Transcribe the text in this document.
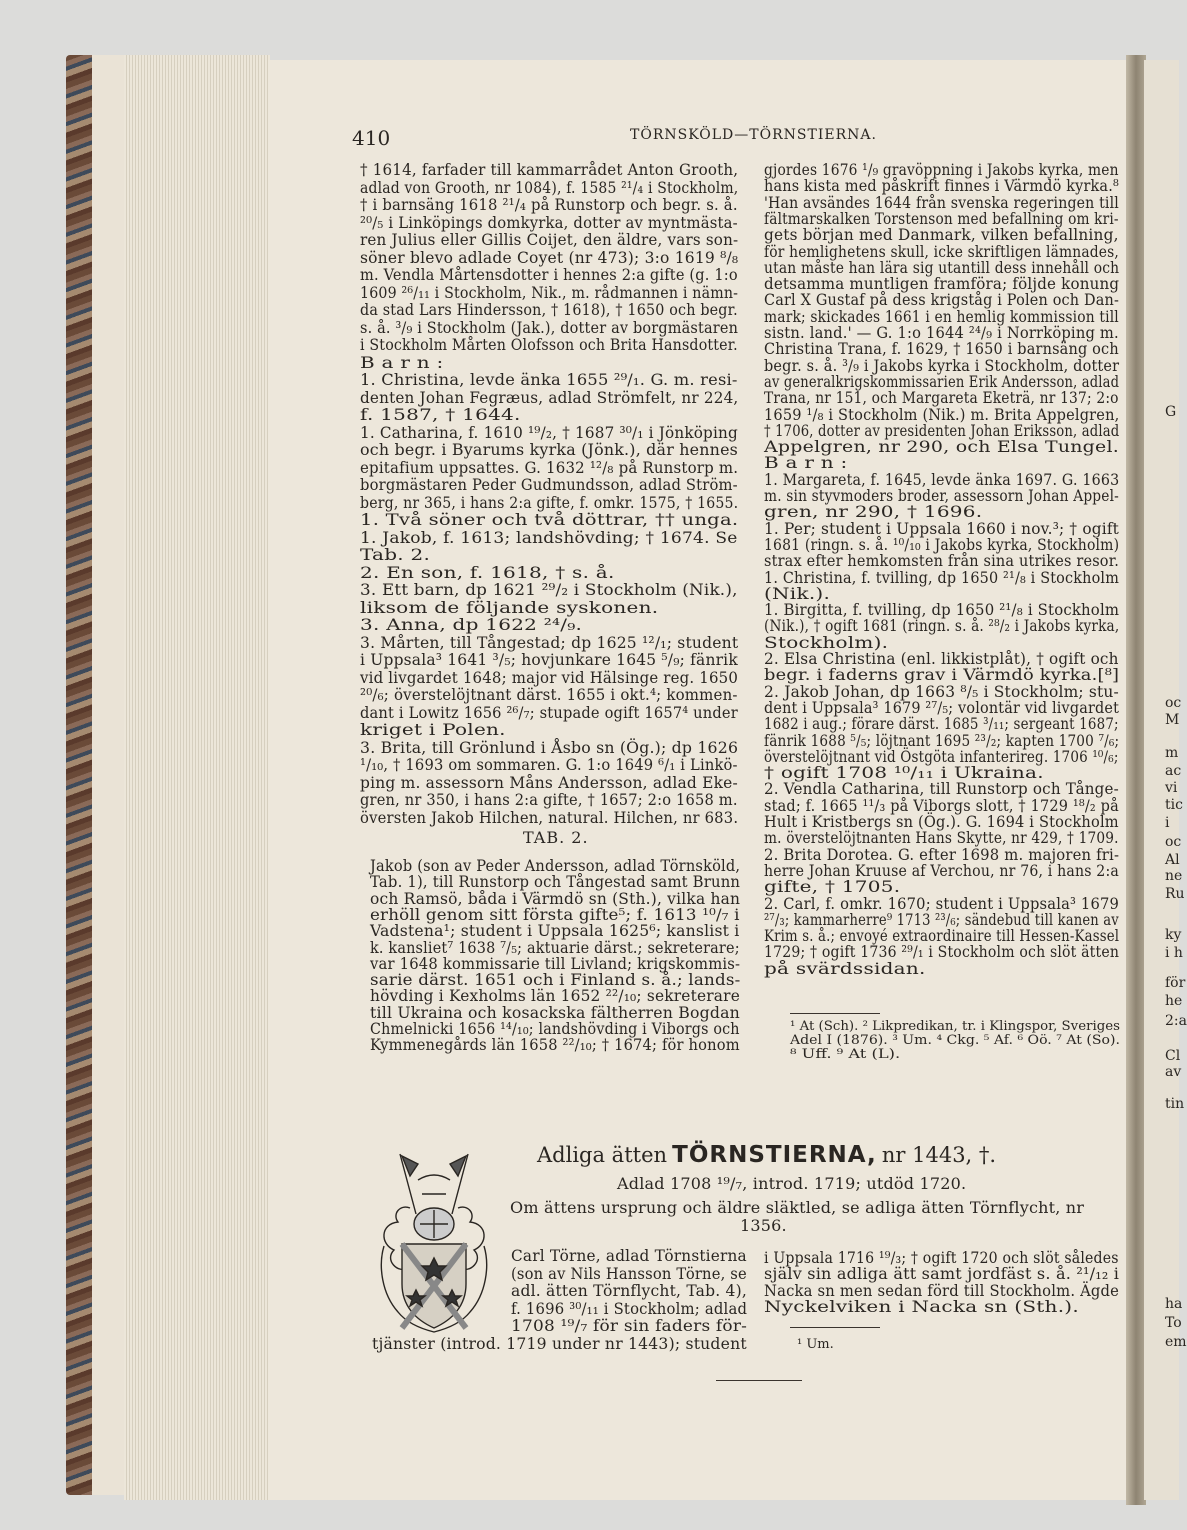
410	TÖRNSKÖLD—TÖRNSTIERNA.
† 1614, farfader till kammarrådet Anton Grooth,
adlad von Grooth, nr 1084), f. 1585 ²¹/₄ i Stockholm,
† i barnsäng 1618 ²¹/₄ på Runstorp och begr. s. å.
²⁰/₅ i Linköpings domkyrka, dotter av myntmästa-
ren Julius eller Gillis Coijet, den äldre, vars son-
söner blevo adlade Coyet (nr 473); 3:o 1619 ⁸/₈
m. Vendla Mårtensdotter i hennes 2:a gifte (g. 1:o
1609 ²⁶/₁₁ i Stockholm, Nik., m. rådmannen i nämn-
da stad Lars Hindersson, † 1618), † 1650 och begr.
s. å. ³/₉ i Stockholm (Jak.), dotter av borgmästaren
i Stockholm Mårten Olofsson och Brita Hansdotter.
B a r n :
1. Christina, levde änka 1655 ²⁹/₁. G. m. resi-
denten Johan Fegræus, adlad Strömfelt, nr 224,
f. 1587, † 1644.
1. Catharina, f. 1610 ¹⁹/₂, † 1687 ³⁰/₁ i Jönköping
och begr. i Byarums kyrka (Jönk.), där hennes
epitafium uppsattes. G. 1632 ¹²/₈ på Runstorp m.
borgmästaren Peder Gudmundsson, adlad Ström-
berg, nr 365, i hans 2:a gifte, f. omkr. 1575, † 1655.
1. Två söner och två döttrar, †† unga.
1. Jakob, f. 1613; landshövding; † 1674. Se
Tab. 2.
2. En son, f. 1618, † s. å.
3. Ett barn, dp 1621 ²⁹/₂ i Stockholm (Nik.),
liksom de följande syskonen.
3. Anna, dp 1622 ²⁴/₉.
3. Mårten, till Tångestad; dp 1625 ¹²/₁; student
i Uppsala³ 1641 ³/₅; hovjunkare 1645 ⁵/₉; fänrik
vid livgardet 1648; major vid Hälsinge reg. 1650
²⁰/₆; överstelöjtnant därst. 1655 i okt.⁴; kommen-
dant i Lowitz 1656 ²⁶/₇; stupade ogift 1657⁴ under
kriget i Polen.
3. Brita, till Grönlund i Åsbo sn (Ög.); dp 1626
¹/₁₀, † 1693 om sommaren. G. 1:o 1649 ⁶/₁ i Linkö-
ping m. assessorn Måns Andersson, adlad Eke-
gren, nr 350, i hans 2:a gifte, † 1657; 2:o 1658 m.
översten Jakob Hilchen, natural. Hilchen, nr 683.
gjordes 1676 ¹/₉ gravöppning i Jakobs kyrka, men
hans kista med påskrift finnes i Värmdö kyrka.⁸
'Han avsändes 1644 från svenska regeringen till
fältmarskalken Torstenson med befallning om kri-
gets början med Danmark, vilken befallning,
för hemlighetens skull, icke skriftligen lämnades,
utan måste han lära sig utantill dess innehåll och
detsamma muntligen framföra; följde konung
Carl X Gustaf på dess krigståg i Polen och Dan-
mark; skickades 1661 i en hemlig kommission till
sistn. land.' — G. 1:o 1644 ²⁴/₉ i Norrköping m.
Christina Trana, f. 1629, † 1650 i barnsäng och
begr. s. å. ³/₉ i Jakobs kyrka i Stockholm, dotter
av generalkrigskommissarien Erik Andersson, adlad
Trana, nr 151, och Margareta Eketrä, nr 137; 2:o
1659 ¹/₈ i Stockholm (Nik.) m. Brita Appelgren,
† 1706, dotter av presidenten Johan Eriksson, adlad
Appelgren, nr 290, och Elsa Tungel.
B a r n :
1. Margareta, f. 1645, levde änka 1697. G. 1663
m. sin styvmoders broder, assessorn Johan Appel-
gren, nr 290, † 1696.
1. Per; student i Uppsala 1660 i nov.³; † ogift
1681 (ringn. s. å. ¹⁰/₁₀ i Jakobs kyrka, Stockholm)
strax efter hemkomsten från sina utrikes resor.
1. Christina, f. tvilling, dp 1650 ²¹/₈ i Stockholm
(Nik.).
1. Birgitta, f. tvilling, dp 1650 ²¹/₈ i Stockholm
(Nik.), † ogift 1681 (ringn. s. å. ²⁸/₂ i Jakobs kyrka,
Stockholm).
2. Elsa Christina (enl. likkistplåt), † ogift och
begr. i faderns grav i Värmdö kyrka.[⁸]
2. Jakob Johan, dp 1663 ⁸/₅ i Stockholm; stu-
dent i Uppsala³ 1679 ²⁷/₅; volontär vid livgardet
1682 i aug.; förare därst. 1685 ³/₁₁; sergeant 1687;
fänrik 1688 ⁵/₅; löjtnant 1695 ²³/₂; kapten 1700 ⁷/₆;
överstelöjtnant vid Östgöta infanterireg. 1706 ¹⁰/₆;
† ogift 1708 ¹⁰/₁₁ i Ukraina.
2. Vendla Catharina, till Runstorp och Tånge-
stad; f. 1665 ¹¹/₃ på Viborgs slott, † 1729 ¹⁸/₂ på
Hult i Kristbergs sn (Ög.). G. 1694 i Stockholm
m. överstelöjtnanten Hans Skytte, nr 429, † 1709.
2. Brita Dorotea. G. efter 1698 m. majoren fri-
herre Johan Kruuse af Verchou, nr 76, i hans 2:a
gifte, † 1705.
2. Carl, f. omkr. 1670; student i Uppsala³ 1679
²⁷/₃; kammarherre⁹ 1713 ²³/₆; sändebud till kanen av
Krim s. å.; envoyé extraordinaire till Hessen-Kassel
1729; † ogift 1736 ²⁹/₁ i Stockholm och slöt ätten
på svärdssidan.
TAB. 2.
Jakob (son av Peder Andersson, adlad Törnsköld,
Tab. 1), till Runstorp och Tångestad samt Brunn
och Ramsö, båda i Värmdö sn (Sth.), vilka han
erhöll genom sitt första gifte⁵; f. 1613 ¹⁰/₇ i
Vadstena¹; student i Uppsala 1625⁶; kanslist i
k. kansliet⁷ 1638 ⁷/₅; aktuarie därst.; sekreterare;
var 1648 kommissarie till Livland; krigskommis-
sarie därst. 1651 och i Finland s. å.; lands-
hövding i Kexholms län 1652 ²²/₁₀; sekreterare
till Ukraina och kosackska fältherren Bogdan
Chmelnicki 1656 ¹⁴/₁₀; landshövding i Viborgs och
Kymmenegårds län 1658 ²²/₁₀; † 1674; för honom
¹ At (Sch). ² Likpredikan, tr. i Klingspor, Sveriges
Adel I (1876). ³ Um. ⁴ Ckg. ⁵ Af. ⁶ Oö. ⁷ At (So).
⁸ Uff. ⁹ At (L).
Adliga ätten TÖRNSTIERNA, nr 1443, †.
Adlad 1708 ¹⁹/₇, introd. 1719; utdöd 1720.
Om ättens ursprung och äldre släktled, se adliga ätten Törnflycht, nr
1356.
Carl Törne, adlad Törnstierna
(son av Nils Hansson Törne, se
adl. ätten Törnflycht, Tab. 4),
f. 1696 ³⁰/₁₁ i Stockholm; adlad
1708 ¹⁹/₇ för sin faders för-
tjänster (introd. 1719 under nr 1443); student
i Uppsala 1716 ¹⁹/₃; † ogift 1720 och slöt således
själv sin adliga ätt samt jordfäst s. å. ²¹/₁₂ i
Nacka sn men sedan förd till Stockholm. Ägde
Nyckelviken i Nacka sn (Sth.).
¹ Um.
G
oc
M
m
ac
vi
tic
i
oc
Al
ne
Ru
ky
i h
för
he
2:a
Cl
av
tin
ha
To
em
